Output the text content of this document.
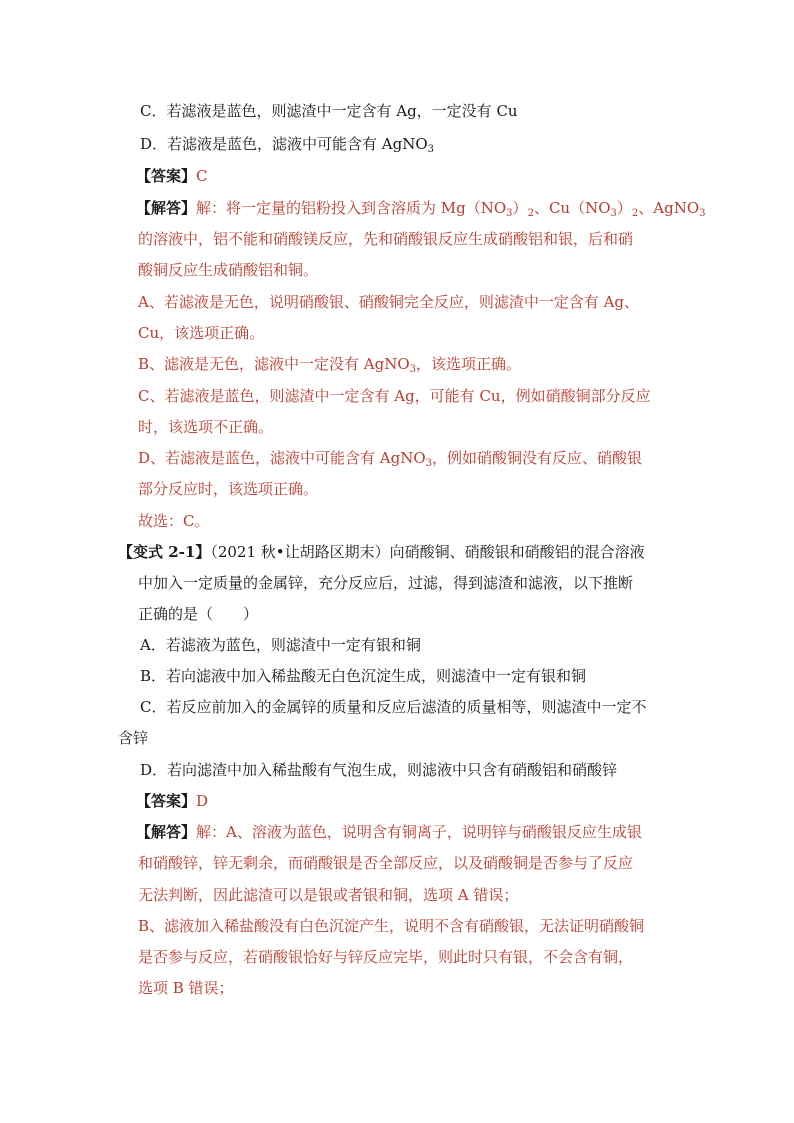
C．若滤液是蓝色，则滤渣中一定含有 Ag，一定没有 Cu
D．若滤液是蓝色，滤液中可能含有 AgNO$_3$
【答案】C
【解答】解：将一定量的铝粉投入到含溶质为 $Mg(NO_3)_2$、$Cu(NO_3)_2$、AgNO$_3$
的溶液中，铝不能和硝酸镁反应，先和硝酸银反应生成硝酸铝和银，后和硝
酸铜反应生成硝酸铝和铜。
A、若滤液是无色，说明硝酸银、硝酸铜完全反应，则滤渣中一定含有 Ag、
Cu，该选项正确。
B、滤液是无色，滤液中一定没有 AgNO$_3$，该选项正确。
C、若滤液是蓝色，则滤渣中一定含有 Ag，可能有 Cu，例如硝酸铜部分反应
时，该选项不正确。
D、若滤液是蓝色，滤液中可能含有 AgNO$_3$，例如硝酸铜没有反应、硝酸银
部分反应时，该选项正确。
故选：C。
【变式 2-1】（2021 秋•让胡路区期末）向硝酸铜、硝酸银和硝酸铝的混合溶液
中加入一定质量的金属锌，充分反应后，过滤，得到滤渣和滤液，以下推断
正确的是（　　）
A．若滤液为蓝色，则滤渣中一定有银和铜
B．若向滤液中加入稀盐酸无白色沉淀生成，则滤渣中一定有银和铜
C．若反应前加入的金属锌的质量和反应后滤渣的质量相等，则滤渣中一定不
含锌
D．若向滤渣中加入稀盐酸有气泡生成，则滤液中只含有硝酸铝和硝酸锌
【答案】D
【解答】解：A、溶液为蓝色，说明含有铜离子，说明锌与硝酸银反应生成银
和硝酸锌，锌无剩余，而硝酸银是否全部反应，以及硝酸铜是否参与了反应
无法判断，因此滤渣可以是银或者银和铜，选项 A 错误；
B、滤液加入稀盐酸没有白色沉淀产生，说明不含有硝酸银，无法证明硝酸铜
是否参与反应，若硝酸银恰好与锌反应完毕，则此时只有银，不会含有铜，
选项 B 错误；
